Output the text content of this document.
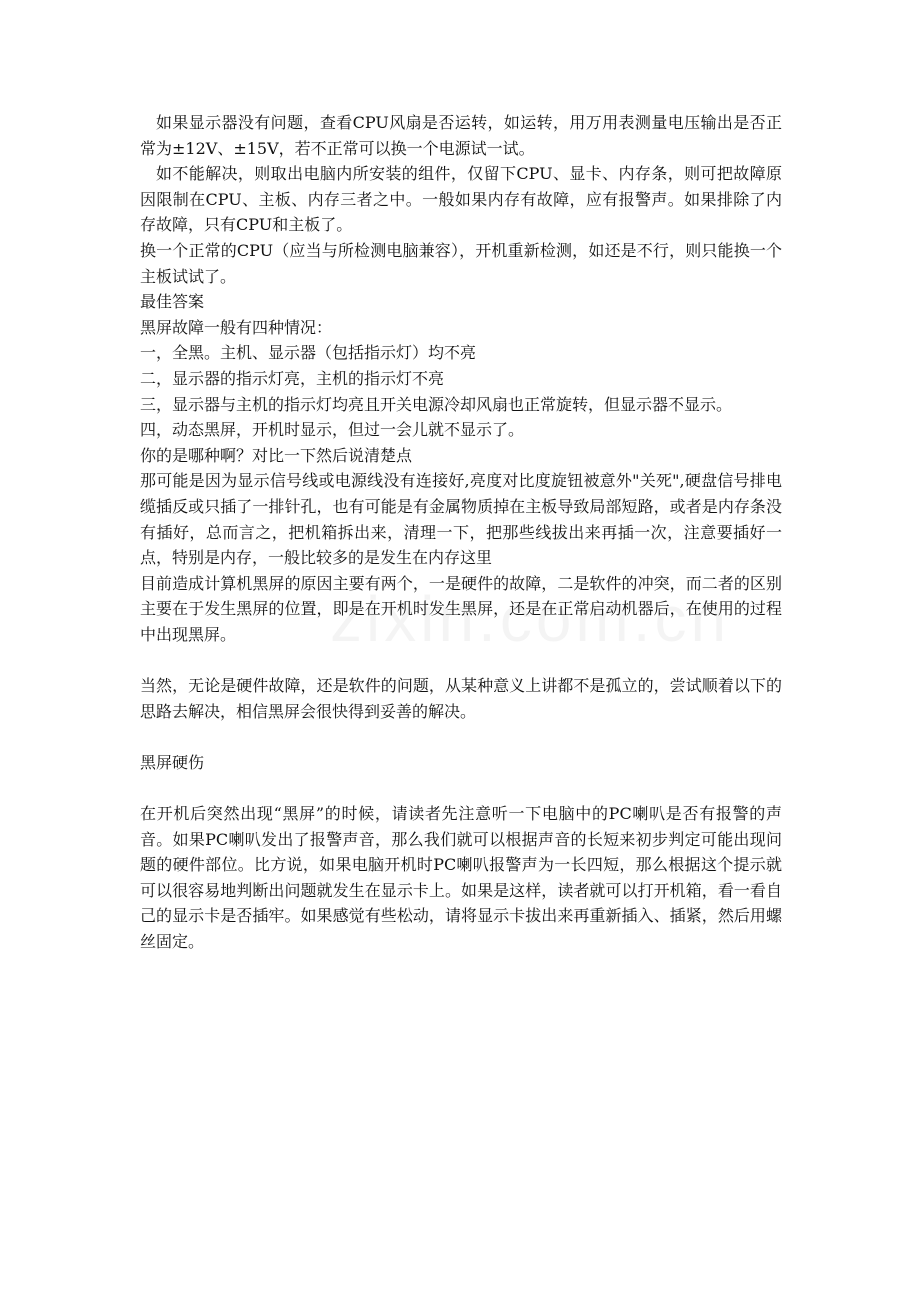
如果显示器没有问题，查看CPU风扇是否运转，如运转，用万用表测量电压输出是否正常为±12V、±15V，若不正常可以换一个电源试一试。

如不能解决，则取出电脑内所安装的组件，仅留下CPU、显卡、内存条，则可把故障原因限制在CPU、主板、内存三者之中。一般如果内存有故障，应有报警声。如果排除了内存故障，只有CPU和主板了。

换一个正常的CPU（应当与所检测电脑兼容），开机重新检测，如还是不行，则只能换一个主板试试了。

最佳答案

黑屏故障一般有四种情况：

一，全黑。主机、显示器（包括指示灯）均不亮

二，显示器的指示灯亮，主机的指示灯不亮

三，显示器与主机的指示灯均亮且开关电源冷却风扇也正常旋转，但显示器不显示。

四，动态黑屏，开机时显示，但过一会儿就不显示了。

你的是哪种啊？对比一下然后说清楚点

那可能是因为显示信号线或电源线没有连接好,亮度对比度旋钮被意外"关死",硬盘信号排电缆插反或只插了一排针孔，也有可能是有金属物质掉在主板导致局部短路，或者是内存条没有插好，总而言之，把机箱拆出来，清理一下，把那些线拔出来再插一次，注意要插好一点，特别是内存，一般比较多的是发生在内存这里

目前造成计算机黑屏的原因主要有两个，一是硬件的故障，二是软件的冲突，而二者的区别主要在于发生黑屏的位置，即是在开机时发生黑屏，还是在正常启动机器后，在使用的过程中出现黑屏。

当然，无论是硬件故障，还是软件的问题，从某种意义上讲都不是孤立的，尝试顺着以下的思路去解决，相信黑屏会很快得到妥善的解决。

黑屏硬伤

在开机后突然出现“黑屏”的时候，请读者先注意听一下电脑中的PC喇叭是否有报警的声音。如果PC喇叭发出了报警声音，那么我们就可以根据声音的长短来初步判定可能出现问题的硬件部位。比方说，如果电脑开机时PC喇叭报警声为一长四短，那么根据这个提示就可以很容易地判断出问题就发生在显示卡上。如果是这样，读者就可以打开机箱，看一看自己的显示卡是否插牢。如果感觉有些松动，请将显示卡拔出来再重新插入、插紧，然后用螺丝固定。
